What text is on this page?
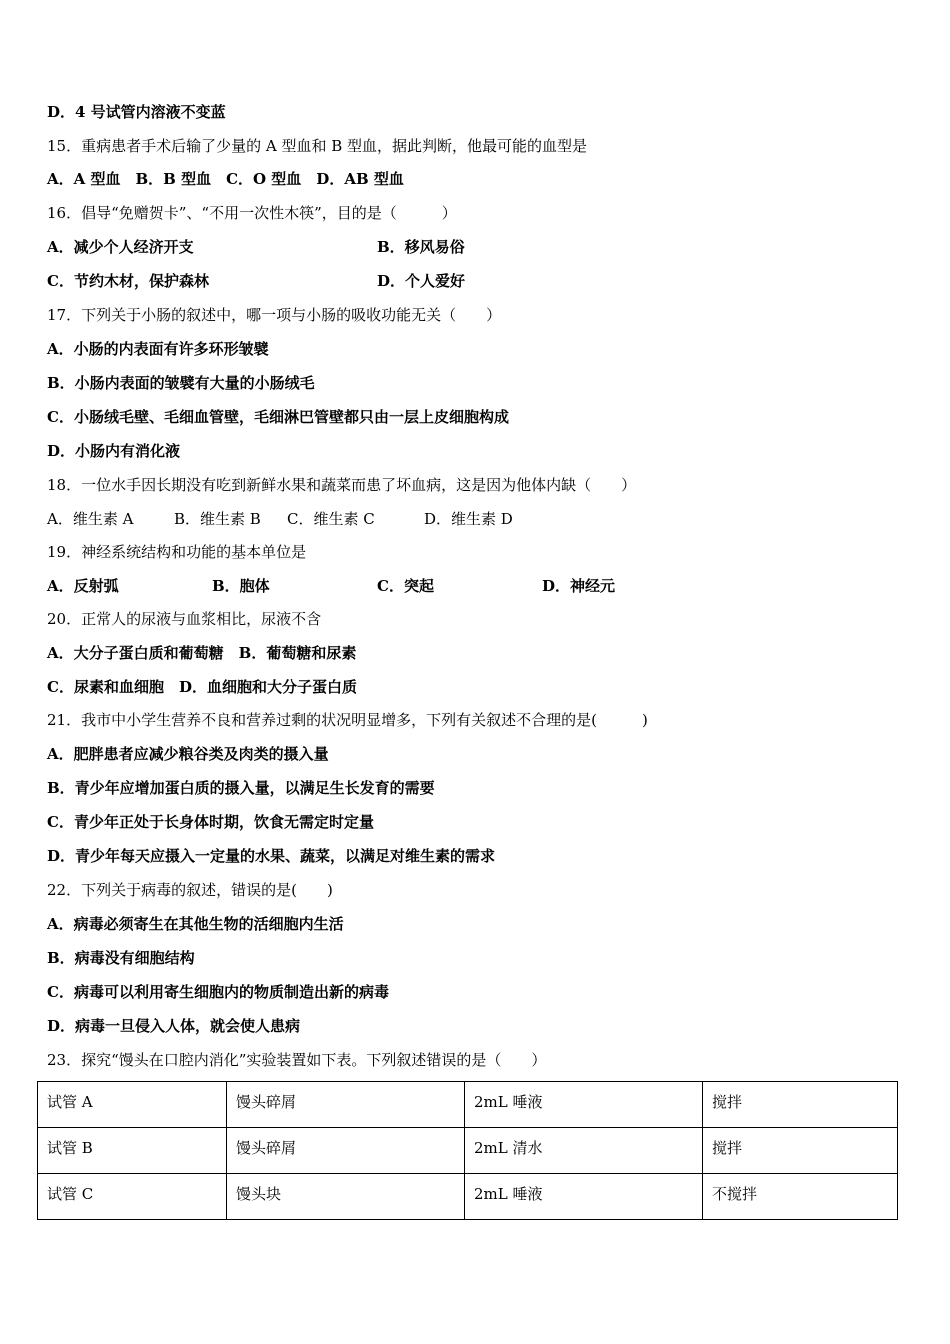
D．4 号试管内溶液不变蓝
15．重病患者手术后输了少量的 A 型血和 B 型血，据此判断，他最可能的血型是
A．A 型血　B．B 型血　C．O 型血　D．AB 型血
16．倡导“免赠贺卡”、“不用一次性木筷”，目的是（　　　）
A．减少个人经济开支	B．移风易俗
C．节约木材，保护森林	D．个人爱好
17．下列关于小肠的叙述中，哪一项与小肠的吸收功能无关（　　）
A．小肠的内表面有许多环形皱襞
B．小肠内表面的皱襞有大量的小肠绒毛
C．小肠绒毛壁、毛细血管壁，毛细淋巴管壁都只由一层上皮细胞构成
D．小肠内有消化液
18．一位水手因长期没有吃到新鲜水果和蔬菜而患了坏血病，这是因为他体内缺（　　）
A．维生素 A	B．维生素 B C．维生素 C	D．维生素 D
19．神经系统结构和功能的基本单位是
A．反射弧	B．胞体	C．突起	D．神经元
20．正常人的尿液与血浆相比，尿液不含
A．大分子蛋白质和葡萄糖　B．葡萄糖和尿素
C．尿素和血细胞　D．血细胞和大分子蛋白质
21．我市中小学生营养不良和营养过剩的状况明显增多，下列有关叙述不合理的是(　　　)
A．肥胖患者应减少粮谷类及肉类的摄入量
B．青少年应增加蛋白质的摄入量，以满足生长发育的需要
C．青少年正处于长身体时期，饮食无需定时定量
D．青少年每天应摄入一定量的水果、蔬菜，以满足对维生素的需求
22．下列关于病毒的叙述，错误的是(　　)
A．病毒必须寄生在其他生物的活细胞内生活
B．病毒没有细胞结构
C．病毒可以利用寄生细胞内的物质制造出新的病毒
D．病毒一旦侵入人体，就会使人患病
23．探究“馒头在口腔内消化”实验装置如下表。下列叙述错误的是（　　）
试管 A	馒头碎屑	2mL 唾液	搅拌
试管 B	馒头碎屑	2mL 清水	搅拌
试管 C	馒头块	2mL 唾液	不搅拌
